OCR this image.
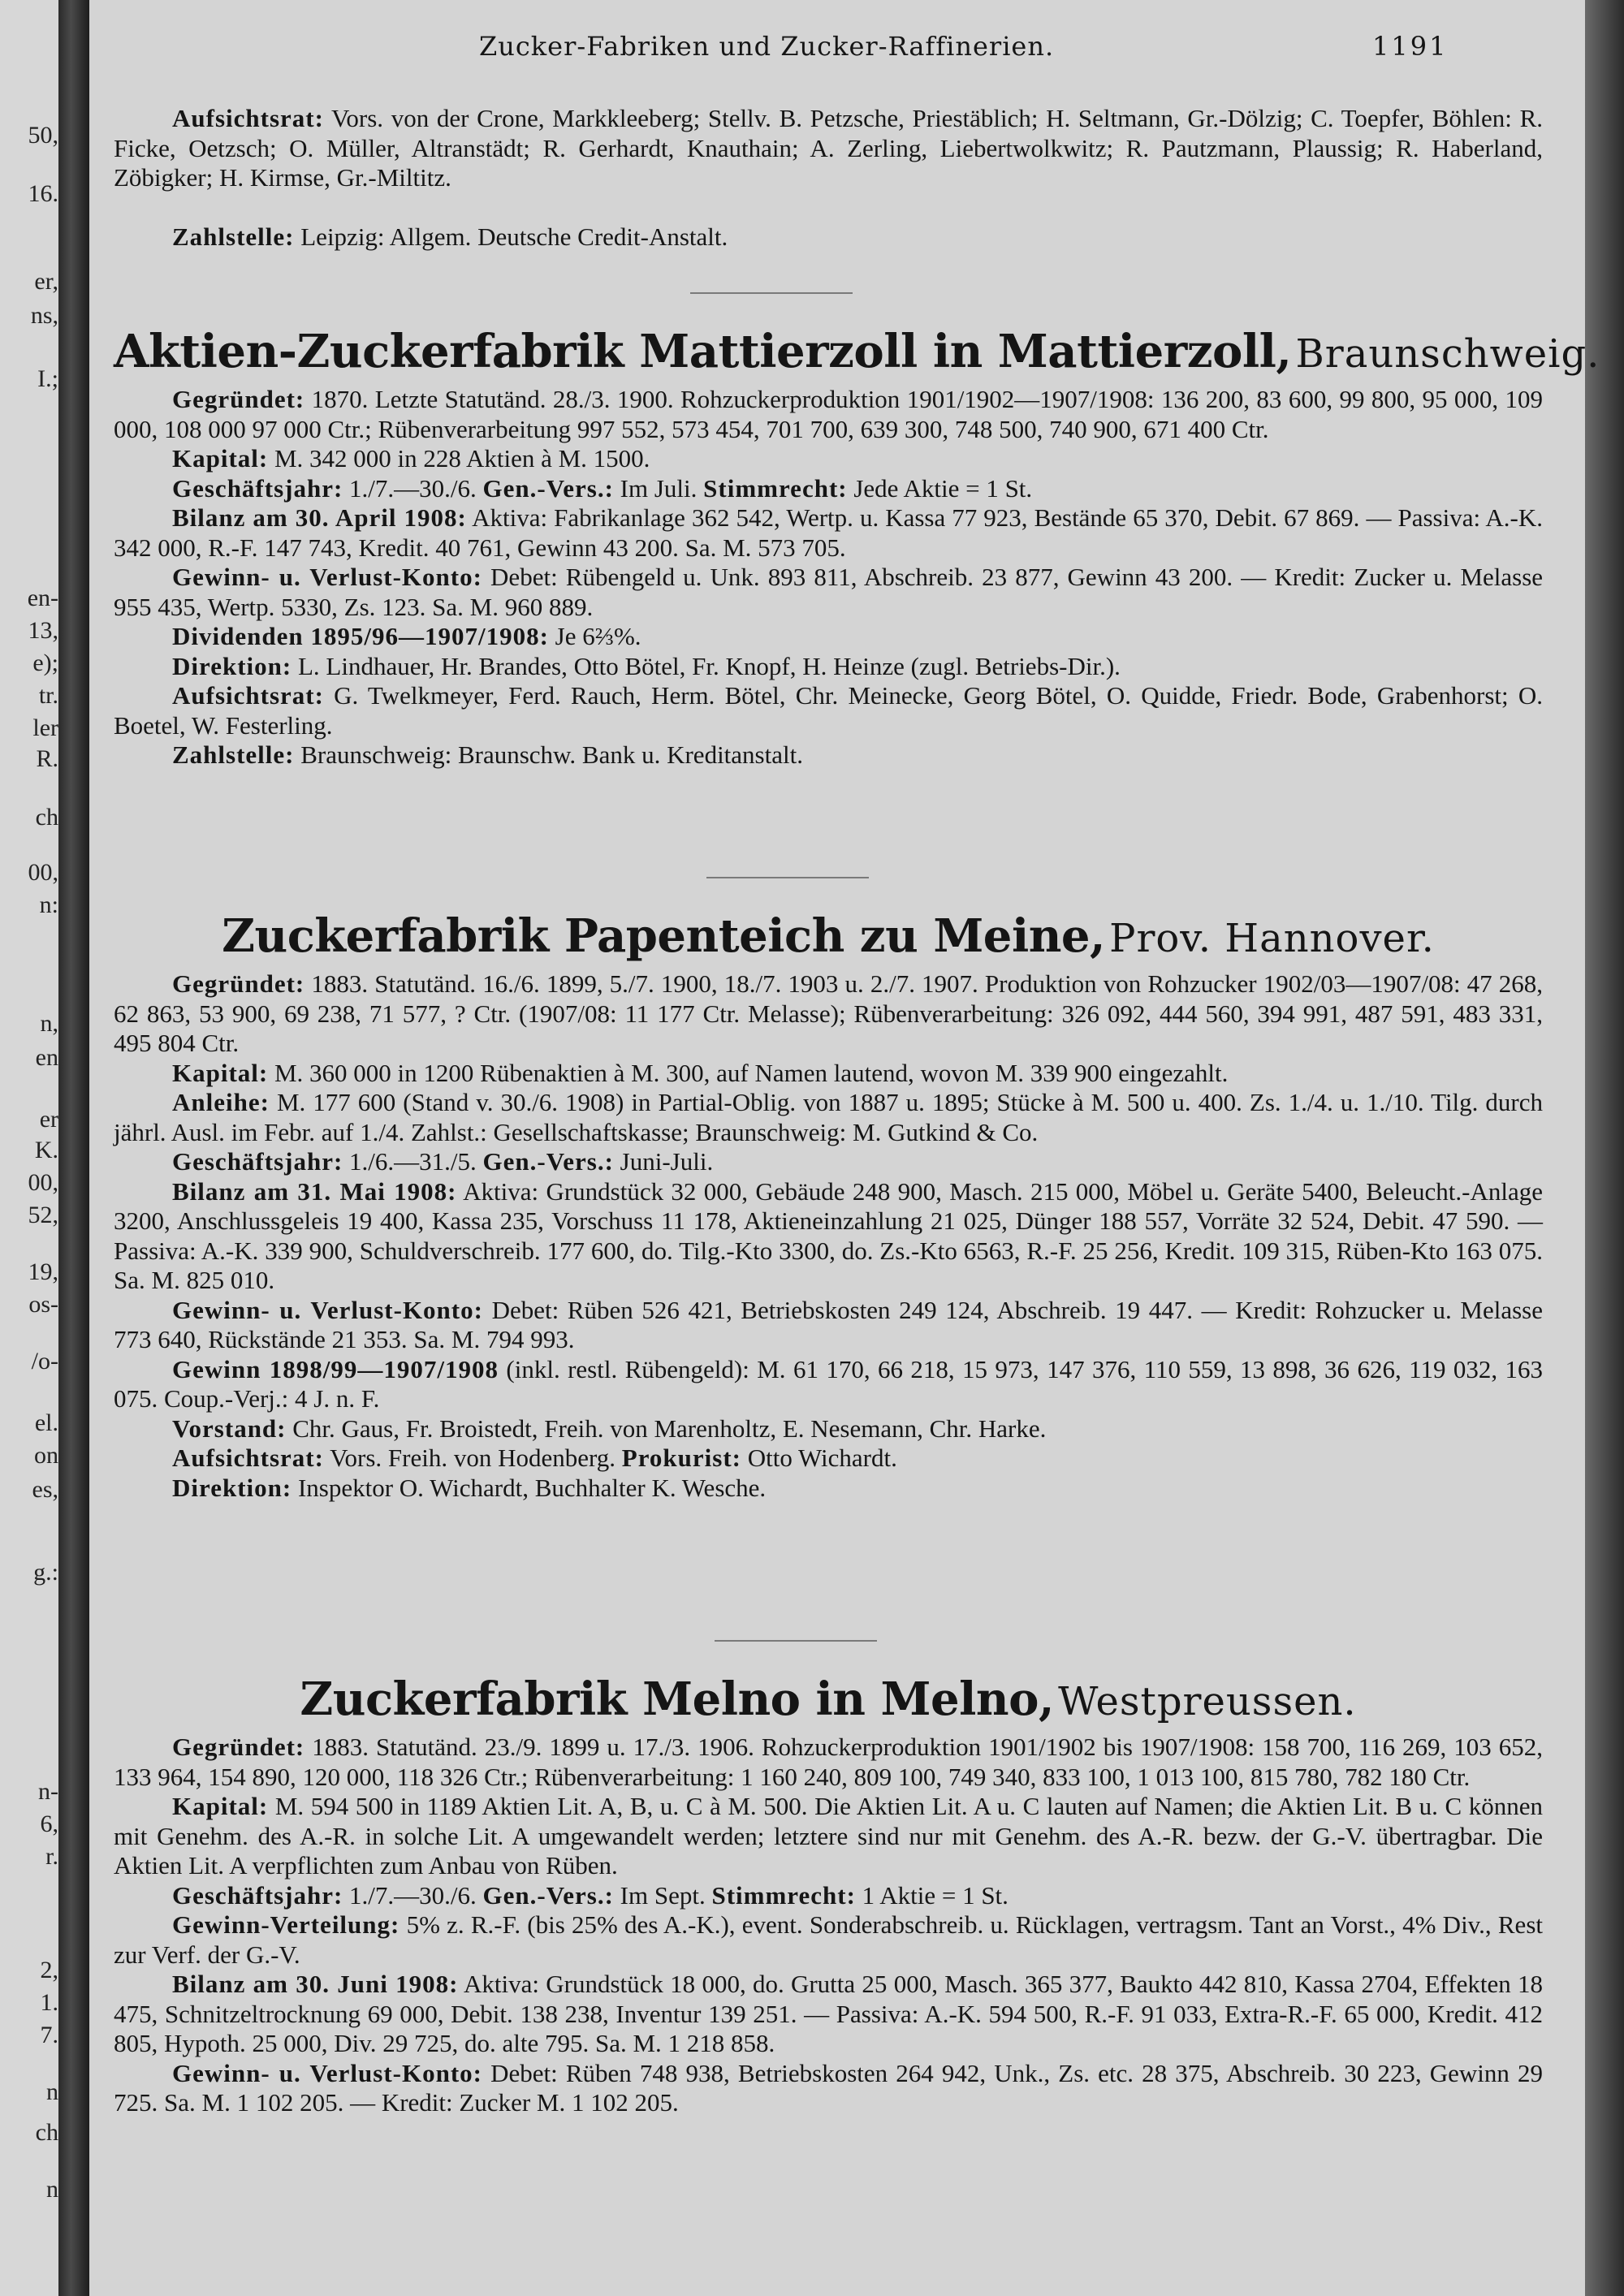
50,
16.
er,
ns,
I.;
en-
13,
e);
tr.
ler
R.
ch
00,
n:
n,
en
er
K.
00,
52,
19,
os-
/o-
el.
on
es,
g.:
n-
6,
r.
2,
1.
7.
n
ch
n
Zucker-Fabriken und Zucker-Raffinerien.	1191
Aufsichtsrat: Vors. von der Crone, Markkleeberg; Stellv. B. Petzsche, Priestäblich; H. Seltmann, Gr.-Dölzig; C. Toepfer, Böhlen: R. Ficke, Oetzsch; O. Müller, Altranstädt; R. Gerhardt, Knauthain; A. Zerling, Liebertwolkwitz; R. Pautzmann, Plaussig; R. Haberland, Zöbigker; H. Kirmse, Gr.-Miltitz.
Zahlstelle: Leipzig: Allgem. Deutsche Credit-Anstalt.
Aktien-Zuckerfabrik Mattierzoll in Mattierzoll, Braunschweig.
Gegründet: 1870. Letzte Statutänd. 28./3. 1900. Rohzuckerproduktion 1901/1902—1907/1908: 136 200, 83 600, 99 800, 95 000, 109 000, 108 000 97 000 Ctr.; Rübenverarbeitung 997 552, 573 454, 701 700, 639 300, 748 500, 740 900, 671 400 Ctr.
Kapital: M. 342 000 in 228 Aktien à M. 1500.
Geschäftsjahr: 1./7.—30./6. Gen.-Vers.: Im Juli. Stimmrecht: Jede Aktie = 1 St.
Bilanz am 30. April 1908: Aktiva: Fabrikanlage 362 542, Wertp. u. Kassa 77 923, Bestände 65 370, Debit. 67 869. — Passiva: A.-K. 342 000, R.-F. 147 743, Kredit. 40 761, Gewinn 43 200. Sa. M. 573 705.
Gewinn- u. Verlust-Konto: Debet: Rübengeld u. Unk. 893 811, Abschreib. 23 877, Gewinn 43 200. — Kredit: Zucker u. Melasse 955 435, Wertp. 5330, Zs. 123. Sa. M. 960 889.
Dividenden 1895/96—1907/1908: Je 6⅔%.
Direktion: L. Lindhauer, Hr. Brandes, Otto Bötel, Fr. Knopf, H. Heinze (zugl. Betriebs-Dir.).
Aufsichtsrat: G. Twelkmeyer, Ferd. Rauch, Herm. Bötel, Chr. Meinecke, Georg Bötel, O. Quidde, Friedr. Bode, Grabenhorst; O. Boetel, W. Festerling.
Zahlstelle: Braunschweig: Braunschw. Bank u. Kreditanstalt.
Zuckerfabrik Papenteich zu Meine, Prov. Hannover.
Gegründet: 1883. Statutänd. 16./6. 1899, 5./7. 1900, 18./7. 1903 u. 2./7. 1907. Produktion von Rohzucker 1902/03—1907/08: 47 268, 62 863, 53 900, 69 238, 71 577, ? Ctr. (1907/08: 11 177 Ctr. Melasse); Rübenverarbeitung: 326 092, 444 560, 394 991, 487 591, 483 331, 495 804 Ctr.
Kapital: M. 360 000 in 1200 Rübenaktien à M. 300, auf Namen lautend, wovon M. 339 900 eingezahlt.
Anleihe: M. 177 600 (Stand v. 30./6. 1908) in Partial-Oblig. von 1887 u. 1895; Stücke à M. 500 u. 400. Zs. 1./4. u. 1./10. Tilg. durch jährl. Ausl. im Febr. auf 1./4. Zahlst.: Gesellschaftskasse; Braunschweig: M. Gutkind & Co.
Geschäftsjahr: 1./6.—31./5. Gen.-Vers.: Juni-Juli.
Bilanz am 31. Mai 1908: Aktiva: Grundstück 32 000, Gebäude 248 900, Masch. 215 000, Möbel u. Geräte 5400, Beleucht.-Anlage 3200, Anschlussgeleis 19 400, Kassa 235, Vorschuss 11 178, Aktieneinzahlung 21 025, Dünger 188 557, Vorräte 32 524, Debit. 47 590. — Passiva: A.-K. 339 900, Schuldverschreib. 177 600, do. Tilg.-Kto 3300, do. Zs.-Kto 6563, R.-F. 25 256, Kredit. 109 315, Rüben-Kto 163 075. Sa. M. 825 010.
Gewinn- u. Verlust-Konto: Debet: Rüben 526 421, Betriebskosten 249 124, Abschreib. 19 447. — Kredit: Rohzucker u. Melasse 773 640, Rückstände 21 353. Sa. M. 794 993.
Gewinn 1898/99—1907/1908 (inkl. restl. Rübengeld): M. 61 170, 66 218, 15 973, 147 376, 110 559, 13 898, 36 626, 119 032, 163 075. Coup.-Verj.: 4 J. n. F.
Vorstand: Chr. Gaus, Fr. Broistedt, Freih. von Marenholtz, E. Nesemann, Chr. Harke.
Aufsichtsrat: Vors. Freih. von Hodenberg. Prokurist: Otto Wichardt.
Direktion: Inspektor O. Wichardt, Buchhalter K. Wesche.
Zuckerfabrik Melno in Melno, Westpreussen.
Gegründet: 1883. Statutänd. 23./9. 1899 u. 17./3. 1906. Rohzuckerproduktion 1901/1902 bis 1907/1908: 158 700, 116 269, 103 652, 133 964, 154 890, 120 000, 118 326 Ctr.; Rübenverarbeitung: 1 160 240, 809 100, 749 340, 833 100, 1 013 100, 815 780, 782 180 Ctr.
Kapital: M. 594 500 in 1189 Aktien Lit. A, B, u. C à M. 500. Die Aktien Lit. A u. C lauten auf Namen; die Aktien Lit. B u. C können mit Genehm. des A.-R. in solche Lit. A umgewandelt werden; letztere sind nur mit Genehm. des A.-R. bezw. der G.-V. übertragbar. Die Aktien Lit. A verpflichten zum Anbau von Rüben.
Geschäftsjahr: 1./7.—30./6. Gen.-Vers.: Im Sept. Stimmrecht: 1 Aktie = 1 St.
Gewinn-Verteilung: 5% z. R.-F. (bis 25% des A.-K.), event. Sonderabschreib. u. Rücklagen, vertragsm. Tant an Vorst., 4% Div., Rest zur Verf. der G.-V.
Bilanz am 30. Juni 1908: Aktiva: Grundstück 18 000, do. Grutta 25 000, Masch. 365 377, Baukto 442 810, Kassa 2704, Effekten 18 475, Schnitzeltrocknung 69 000, Debit. 138 238, Inventur 139 251. — Passiva: A.-K. 594 500, R.-F. 91 033, Extra-R.-F. 65 000, Kredit. 412 805, Hypoth. 25 000, Div. 29 725, do. alte 795. Sa. M. 1 218 858.
Gewinn- u. Verlust-Konto: Debet: Rüben 748 938, Betriebskosten 264 942, Unk., Zs. etc. 28 375, Abschreib. 30 223, Gewinn 29 725. Sa. M. 1 102 205. — Kredit: Zucker M. 1 102 205.
